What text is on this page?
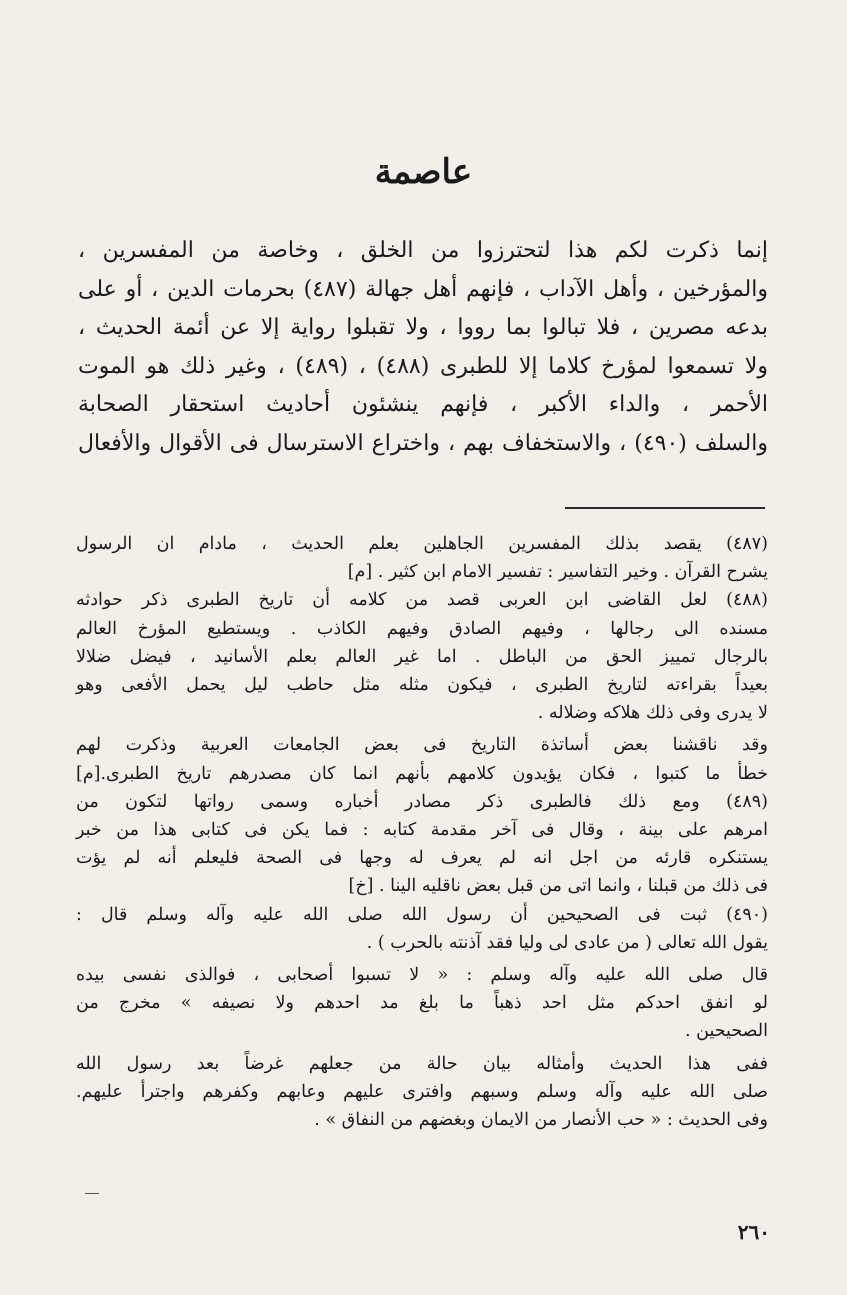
عاصمة
إنما ذكرت لكم هذا لتحترزوا من الخلق ، وخاصة من المفسرين ،
والمؤرخين ، وأهل الآداب ، فإنهم أهل جهالة (٤٨٧) بحرمات الدين ، أو على
بدعه مصرين ، فلا تبالوا بما رووا ، ولا تقبلوا رواية إلا عن أئمة الحديث ،
ولا تسمعوا لمؤرخ كلاما إلا للطبرى (٤٨٨) ، (٤٨٩) ، وغير ذلك هو الموت
الأحمر ، والداء الأكبر ، فإنهم ينشئون أحاديث استحقار الصحابة
والسلف (٤٩٠) ، والاستخفاف بهم ، واختراع الاسترسال فى الأقوال والأفعال
(٤٨٧) يقصد بذلك المفسرين الجاهلين بعلم الحديث ، مادام ان الرسول
يشرح القرآن . وخير التفاسير : تفسير الامام ابن كثير . [م]
(٤٨٨) لعل القاضى ابن العربى قصد من كلامه أن تاريخ الطبرى ذكر حوادثه
مسنده الى رجالها ، وفيهم الصادق وفيهم الكاذب . ويستطيع المؤرخ العالم
بالرجال تمييز الحق من الباطل . اما غير العالم بعلم الأسانيد ، فيضل ضلالا
بعيداً بقراءته لتاريخ الطبرى ، فيكون مثله مثل حاطب ليل يحمل الأفعى وهو
لا يدرى وفى ذلك هلاكه وضلاله .
وقد ناقشنا بعض أساتذة التاريخ فى بعض الجامعات العربية وذكرت لهم
خطأ ما كتبوا ، فكان يؤيدون كلامهم بأنهم انما كان مصدرهم تاريخ الطبرى.[م]
(٤٨٩) ومع ذلك فالطبرى ذكر مصادر أخباره وسمى رواتها لتكون من
امرهم على بينة ، وقال فى آخر مقدمة كتابه : فما يكن فى كتابى هذا من خبر
يستنكره قارئه من اجل انه لم يعرف له وجها فى الصحة فليعلم أنه لم يؤت
فى ذلك من قبلنا ، وانما اتى من قبل بعض ناقليه الينا . [خ]
(٤٩٠) ثبت فى الصحيحين أن رسول الله صلى الله عليه وآله وسلم قال :
يقول الله تعالى ( من عادى لى وليا فقد آذنته بالحرب ) .
قال صلى الله عليه وآله وسلم : « لا تسبوا أصحابى ، فوالذى نفسى بيده
لو انفق احدكم مثل احد ذهباً ما بلغ مد احدهم ولا نصيفه » مخرج من
الصحيحين .
ففى هذا الحديث وأمثاله بيان حالة من جعلهم غرضاً بعد رسول الله
صلى الله عليه وآله وسلم وسبهم وافترى عليهم وعابهم وكفرهم واجترأ عليهم.
وفى الحديث : « حب الأنصار من الايمان وبغضهم من النفاق » .
٢٦٠
